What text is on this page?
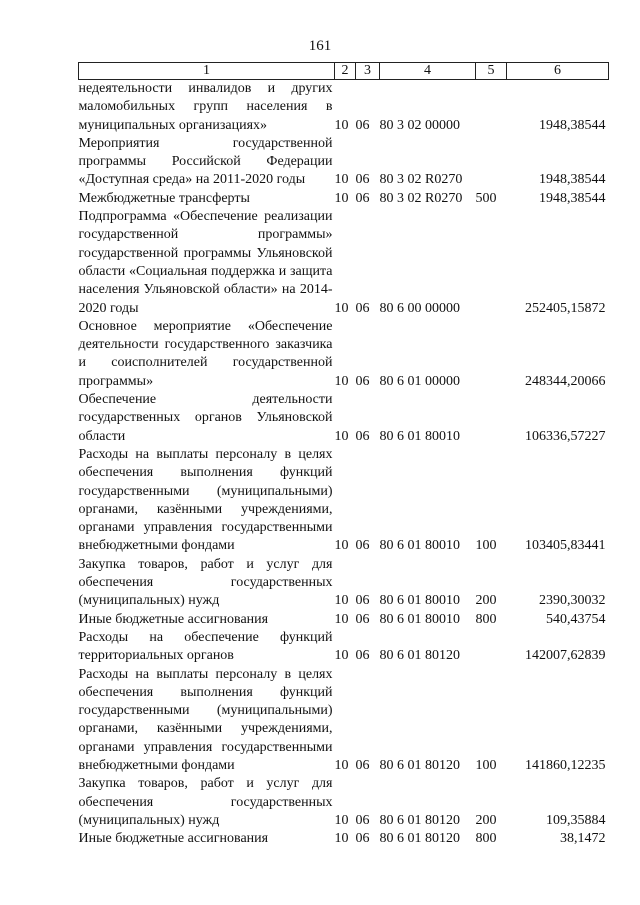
161
1	2	3	4	5	6
недеятельности инвалидов и других маломобильных групп населения в муниципальных организациях»	10	06	80 3 02 00000		1948,38544
Мероприятия государственной программы Российской Федерации «Доступная среда» на 2011-2020 годы	10	06	80 3 02 R0270		1948,38544
Межбюджетные трансферты	10	06	80 3 02 R0270	500	1948,38544
Подпрограмма «Обеспечение реализации государственной программы» государственной программы Ульяновской области «Социальная поддержка и защита населения Ульяновской области» на 2014-2020 годы	10	06	80 6 00 00000		252405,15872
Основное мероприятие «Обеспечение деятельности государственного заказчика и соисполнителей государственной программы»	10	06	80 6 01 00000		248344,20066
Обеспечение деятельности государственных органов Ульяновской области	10	06	80 6 01 80010		106336,57227
Расходы на выплаты персоналу в целях обеспечения выполнения функций государственными (муниципальными) органами, казёнными учреждениями, органами управления государственными внебюджетными фондами	10	06	80 6 01 80010	100	103405,83441
Закупка товаров, работ и услуг для обеспечения государственных (муниципальных) нужд	10	06	80 6 01 80010	200	2390,30032
Иные бюджетные ассигнования	10	06	80 6 01 80010	800	540,43754
Расходы на обеспечение функций территориальных органов	10	06	80 6 01 80120		142007,62839
Расходы на выплаты персоналу в целях обеспечения выполнения функций государственными (муниципальными) органами, казёнными учреждениями, органами управления государственными внебюджетными фондами	10	06	80 6 01 80120	100	141860,12235
Закупка товаров, работ и услуг для обеспечения государственных (муниципальных) нужд	10	06	80 6 01 80120	200	109,35884
Иные бюджетные ассигнования	10	06	80 6 01 80120	800	38,1472
